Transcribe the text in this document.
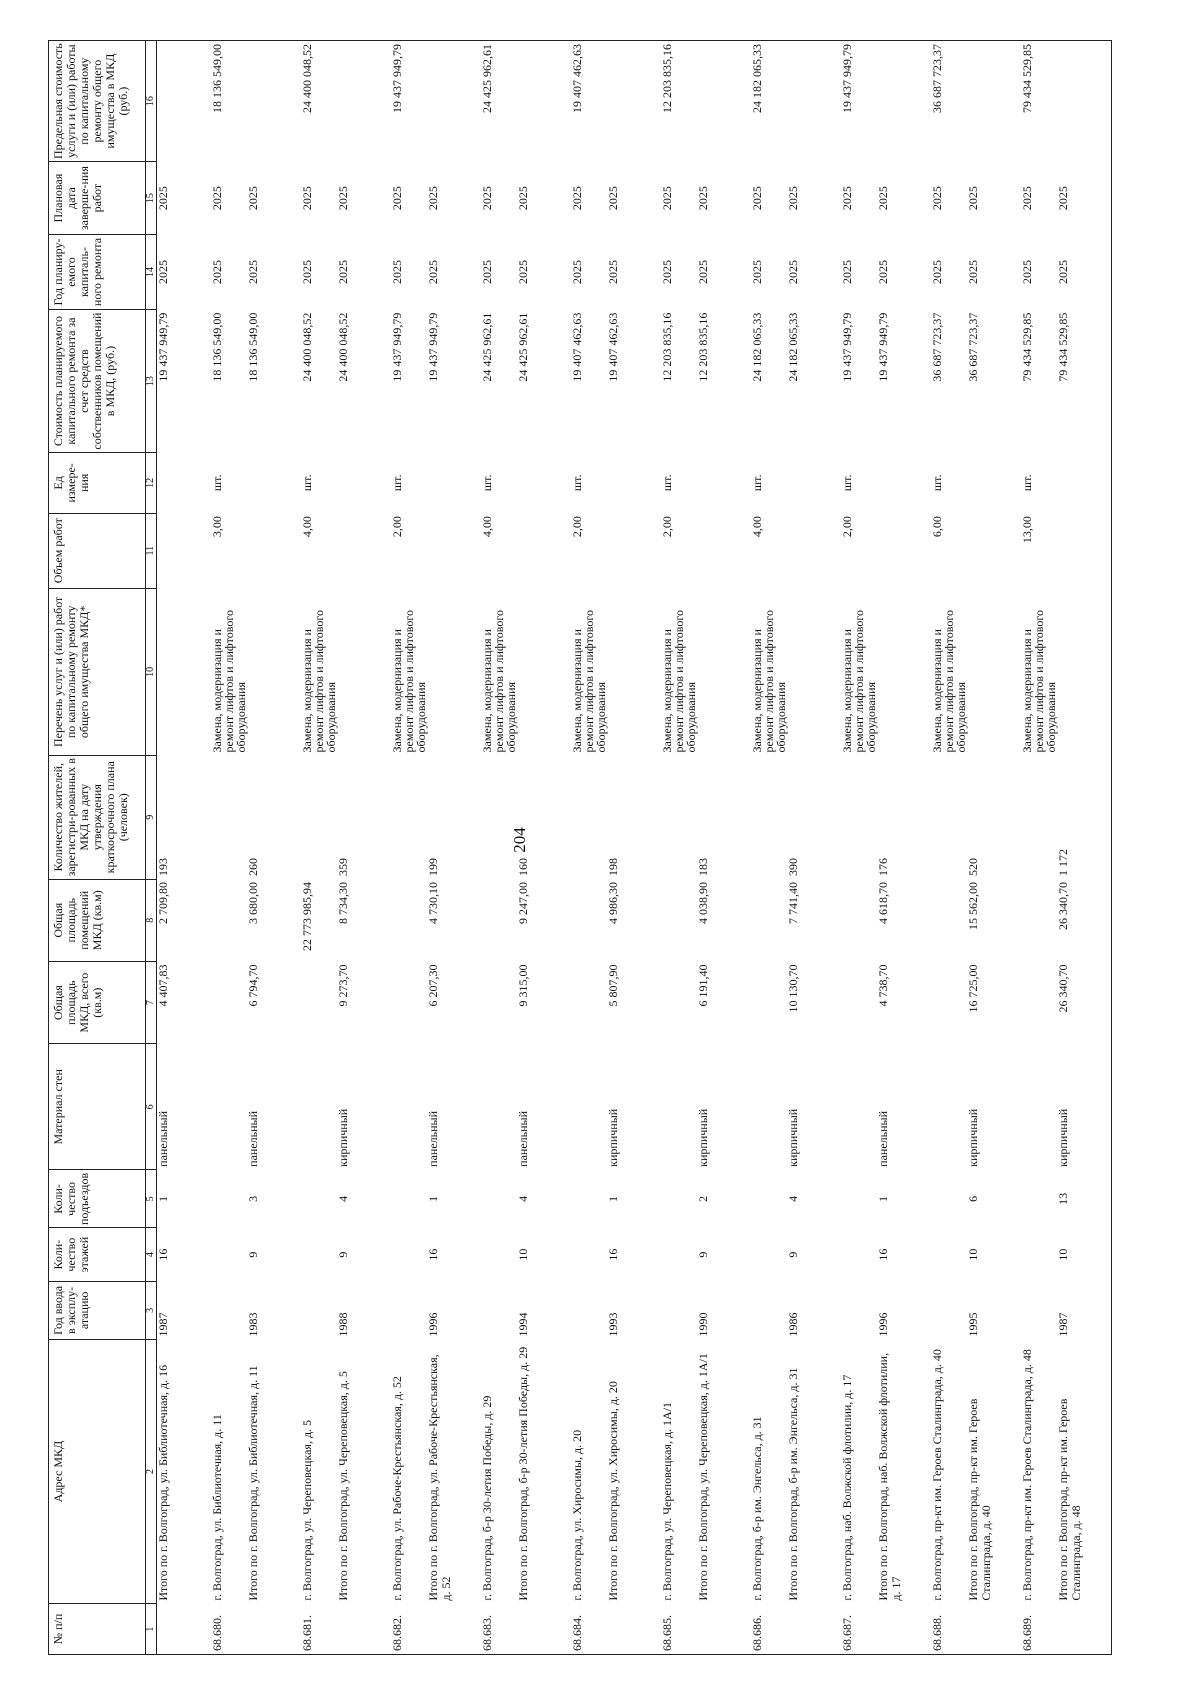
204
№ п/п	Адрес МКД	Год ввода в эксплу-атацию	Коли-чество этажей	Коли-чество подъездов	Материал стен	Общая площадь МКД, всего (кв.м)	Общая площадь помещений МКД (кв.м)	Количество жителей, зарегистри-рованных в МКД на дату утверждения краткосрочного плана (человек)	Перечень услуг и (или) работ по капитальному ремонту общего имущества МКД*	Объем работ	Ед измере-ния	Стоимость планируемого капитального ремонта за счет средств собственников помещений в МКД, (руб.)	Год планиру-емого капиталь-ного ремонта	Плановая дата заверше-ния работ	Предельная стоимость услуги и (или) работы по капитальному ремонту общего имущества в МКД (руб.)
1	2	3	4	5	6	7	8	9	10	11	12	13	14	15	16
	Итого по г. Волгоград, ул. Библиотечная, д. 16	1987	16	1	панельный	4 407,83	2 709,80	193				19 437 949,79	2025	2025	
68.680.	г. Волгоград, ул. Библиотечная, д. 11								Замена, модернизация и ремонт лифтов и лифтового оборудования	3,00	шт.	18 136 549,00	2025	2025	18 136 549,00
	Итого по г. Волгоград, ул. Библиотечная, д. 11	1983	9	3	панельный	6 794,70	3 680,00	260				18 136 549,00	2025	2025	
68.681.	г. Волгоград, ул. Череповецкая, д. 5						22 773 985,94		Замена, модернизация и ремонт лифтов и лифтового оборудования	4,00	шт.	24 400 048,52	2025	2025	24 400 048,52
	Итого по г. Волгоград, ул. Череповецкая, д. 5	1988	9	4	кирпичный	9 273,70	8 734,30	359				24 400 048,52	2025	2025	
68.682.	г. Волгоград, ул. Рабоче-Крестьянская, д. 52								Замена, модернизация и ремонт лифтов и лифтового оборудования	2,00	шт.	19 437 949,79	2025	2025	19 437 949,79
	Итого по г. Волгоград, ул. Рабоче-Крестьянская, д. 52	1996	16	1	панельный	6 207,30	4 730,10	199				19 437 949,79	2025	2025	
68.683.	г. Волгоград, б-р 30-летия Победы, д. 29								Замена, модернизация и ремонт лифтов и лифтового оборудования	4,00	шт.	24 425 962,61	2025	2025	24 425 962,61
	Итого по г. Волгоград, б-р 30-летия Победы, д. 29	1994	10	4	панельный	9 315,00	9 247,00	160				24 425 962,61	2025	2025	
68.684.	г. Волгоград, ул. Хиросимы, д. 20								Замена, модернизация и ремонт лифтов и лифтового оборудования	2,00	шт.	19 407 462,63	2025	2025	19 407 462,63
	Итого по г. Волгоград, ул. Хиросимы, д. 20	1993	16	1	кирпичный	5 807,90	4 986,30	198				19 407 462,63	2025	2025	
68.685.	г. Волгоград, ул. Череповецкая, д. 1А/1								Замена, модернизация и ремонт лифтов и лифтового оборудования	2,00	шт.	12 203 835,16	2025	2025	12 203 835,16
	Итого по г. Волгоград, ул. Череповецкая, д. 1А/1	1990	9	2	кирпичный	6 191,40	4 038,90	183				12 203 835,16	2025	2025	
68.686.	г. Волгоград, б-р им. Энгельса, д. 31								Замена, модернизация и ремонт лифтов и лифтового оборудования	4,00	шт.	24 182 065,33	2025	2025	24 182 065,33
	Итого по г. Волгоград, б-р им. Энгельса, д. 31	1986	9	4	кирпичный	10 130,70	7 741,40	390				24 182 065,33	2025	2025	
68.687.	г. Волгоград, наб. Волжской флотилии, д. 17								Замена, модернизация и ремонт лифтов и лифтового оборудования	2,00	шт.	19 437 949,79	2025	2025	19 437 949,79
	Итого по г. Волгоград, наб. Волжской флотилии, д. 17	1996	16	1	панельный	4 738,70	4 618,70	176				19 437 949,79	2025	2025	
68.688.	г. Волгоград, пр-кт им. Героев Сталинграда, д. 40								Замена, модернизация и ремонт лифтов и лифтового оборудования	6,00	шт.	36 687 723,37	2025	2025	36 687 723,37
	Итого по г. Волгоград, пр-кт им. Героев Сталинграда, д. 40	1995	10	6	кирпичный	16 725,00	15 562,00	520				36 687 723,37	2025	2025	
68.689.	г. Волгоград, пр-кт им. Героев Сталинграда, д. 48								Замена, модернизация и ремонт лифтов и лифтового оборудования	13,00	шт.	79 434 529,85	2025	2025	79 434 529,85
	Итого по г. Волгоград, пр-кт им. Героев Сталинграда, д. 48	1987	10	13	кирпичный	26 340,70	26 340,70	1 172				79 434 529,85	2025	2025	
